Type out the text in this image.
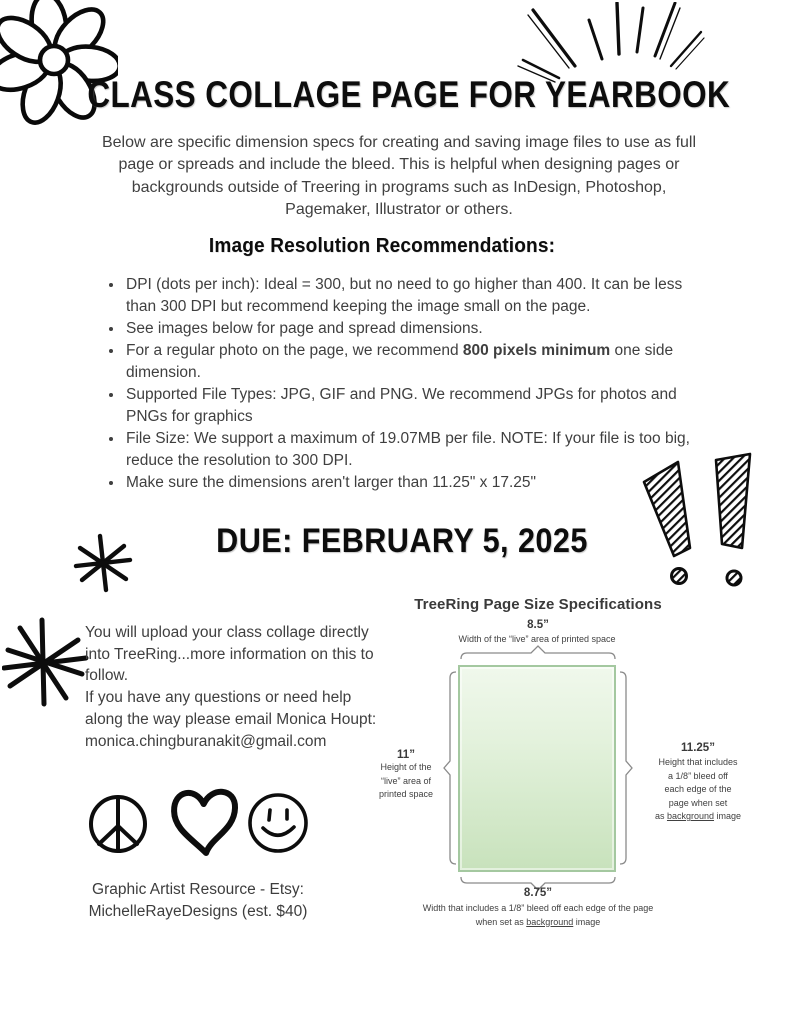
CLASS COLLAGE PAGE FOR YEARBOOK
Below are specific dimension specs for creating and saving image files to use as full page or spreads and include the bleed. This is helpful when designing pages or backgrounds outside of Treering in programs such as InDesign, Photoshop, Pagemaker, Illustrator or others.
Image Resolution Recommendations:
• DPI (dots per inch): Ideal = 300, but no need to go higher than 400. It can be less than 300 DPI but recommend keeping the image small on the page.
• See images below for page and spread dimensions.
• For a regular photo on the page, we recommend 800 pixels minimum one side dimension.
• Supported File Types: JPG, GIF and PNG. We recommend JPGs for photos and PNGs for graphics
• File Size: We support a maximum of 19.07MB per file. NOTE: If your file is too big, reduce the resolution to 300 DPI.
• Make sure the dimensions aren't larger than 11.25" x 17.25"
DUE: FEBRUARY 5, 2025

You will upload your class collage directly into TreeRing...more information on this to follow.

If you have any questions or need help along the way please email Monica Houpt:

monica.chingburanakit@gmail.com

Graphic Artist Resource - Etsy:

MichelleRayeDesigns (est. $40)

TreeRing Page Size Specifications
8.5”
Width of the “live” area of printed space

11”

Height of the

“live” area of

printed space

11.25”

Height that includes

a 1/8” bleed off

each edge of the

page when set

as background image

8.75”

Width that includes a 1/8” bleed off each edge of the page

when set as background image
